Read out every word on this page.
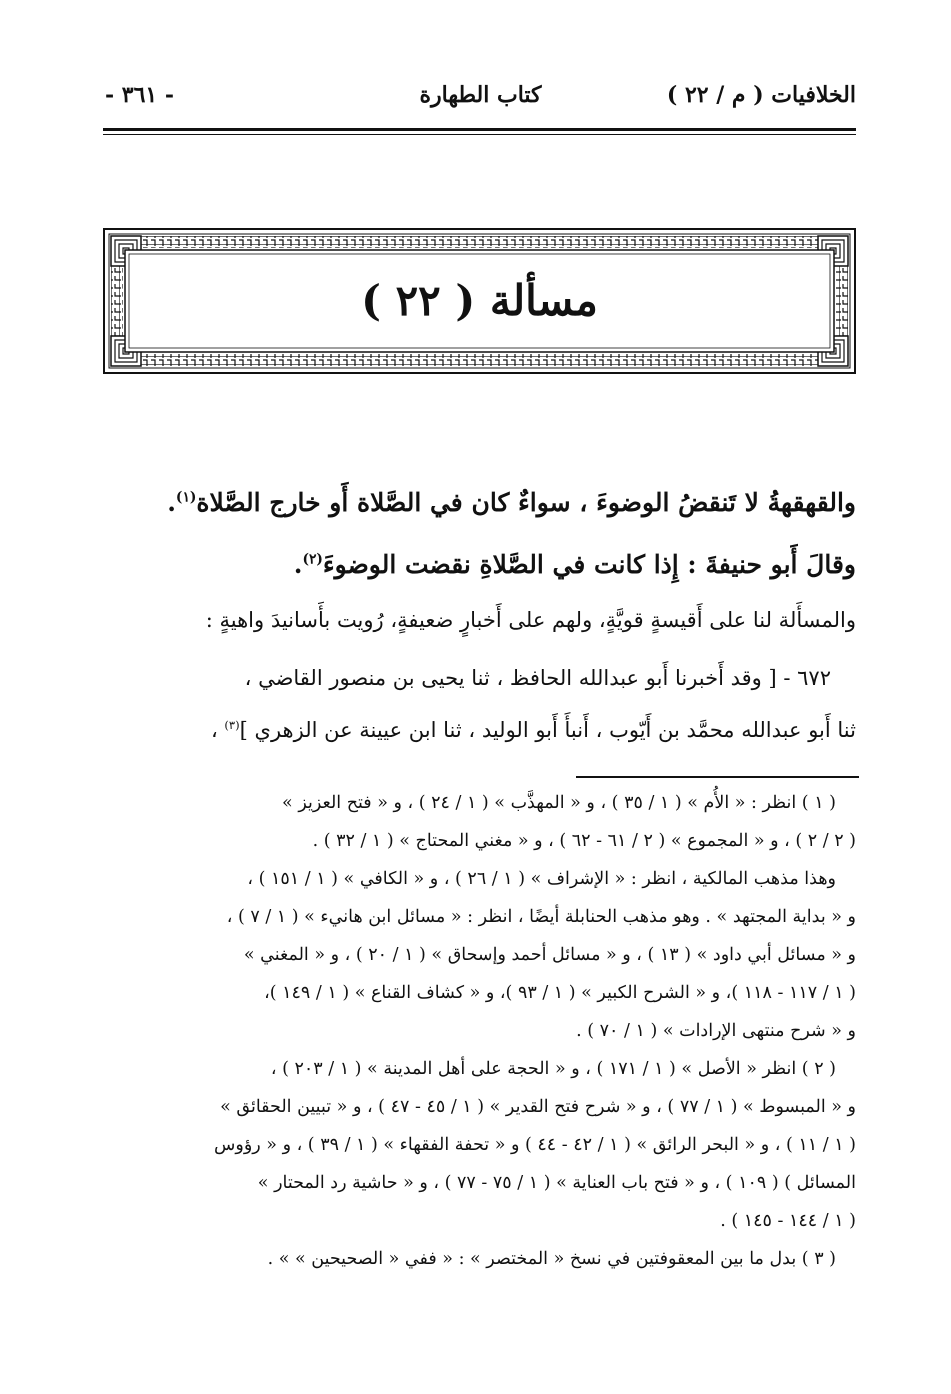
الخلافيات ( م / ٢٢ )
كتاب الطهارة
- ٣٦١ -
مسألة ( ٢٢ )

والقهقهةُ لا تَنقضُ الوضوءَ ، سواءٌ كان في الصَّلاة أَو خارج الصَّلاة$^{(١)}$.

وقالَ أَبو حنيفةَ : إِذا كانت في الصَّلاةِ نقضت الوضوءَ$^{(٢)}$.

والمسأَلة لنا على أَقيسةٍ قويَّةٍ، ولهم على أَخبارٍ ضعيفةٍ، رُويت بأَسانيدَ واهيةٍ :

٦٧٢ - [ وقد أَخبرنا أَبو عبدالله الحافظ ، ثنا يحيى بن منصور القاضي ،

ثنا أَبو عبدالله محمَّد بن أَيّوب ، أَنبأَ أَبو الوليد ، ثنا ابن عيينة عن الزهري ]$^{(٣)}$ ،

( ١ ) انظر : « الأُم » ( ١ / ٣٥ ) ، و « المهذَّب » ( ١ / ٢٤ ) ، و « فتح العزيز »
( ٢ / ٢ ) ، و « المجموع » ( ٢ / ٦١ - ٦٢ ) ، و « مغني المحتاج » ( ١ / ٣٢ ) .
وهذا مذهب المالكية ، انظر : « الإشراف » ( ١ / ٢٦ ) ، و « الكافي » ( ١ / ١٥١ ) ،
و « بداية المجتهد » . وهو مذهب الحنابلة أيضًا ، انظر : « مسائل ابن هانيء » ( ١ / ٧ ) ،
و « مسائل أبي داود » ( ١٣ ) ، و « مسائل أحمد وإسحاق » ( ١ / ٢٠ ) ، و « المغني »
( ١ / ١١٧ - ١١٨ )، و « الشرح الكبير » ( ١ / ٩٣ )، و « كشاف القناع » ( ١ / ١٤٩ )،
و « شرح منتهى الإرادات » ( ١ / ٧٠ ) .
( ٢ ) انظر « الأصل » ( ١ / ١٧١ ) ، و « الحجة على أهل المدينة » ( ١ / ٢٠٣ ) ،
و « المبسوط » ( ١ / ٧٧ ) ، و « شرح فتح القدير » ( ١ / ٤٥ - ٤٧ ) ، و « تبيين الحقائق »
( ١ / ١١ ) ، و « البحر الرائق » ( ١ / ٤٢ - ٤٤ ) و « تحفة الفقهاء » ( ١ / ٣٩ ) ، و « رؤوس
المسائل ) ( ١٠٩ ) ، و « فتح باب العناية » ( ١ / ٧٥ - ٧٧ ) ، و « حاشية رد المحتار »
( ١ / ١٤٤ - ١٤٥ ) .
( ٣ ) بدل ما بين المعقوفتين في نسخ « المختصر » : « ففي « الصحيحين » » .
